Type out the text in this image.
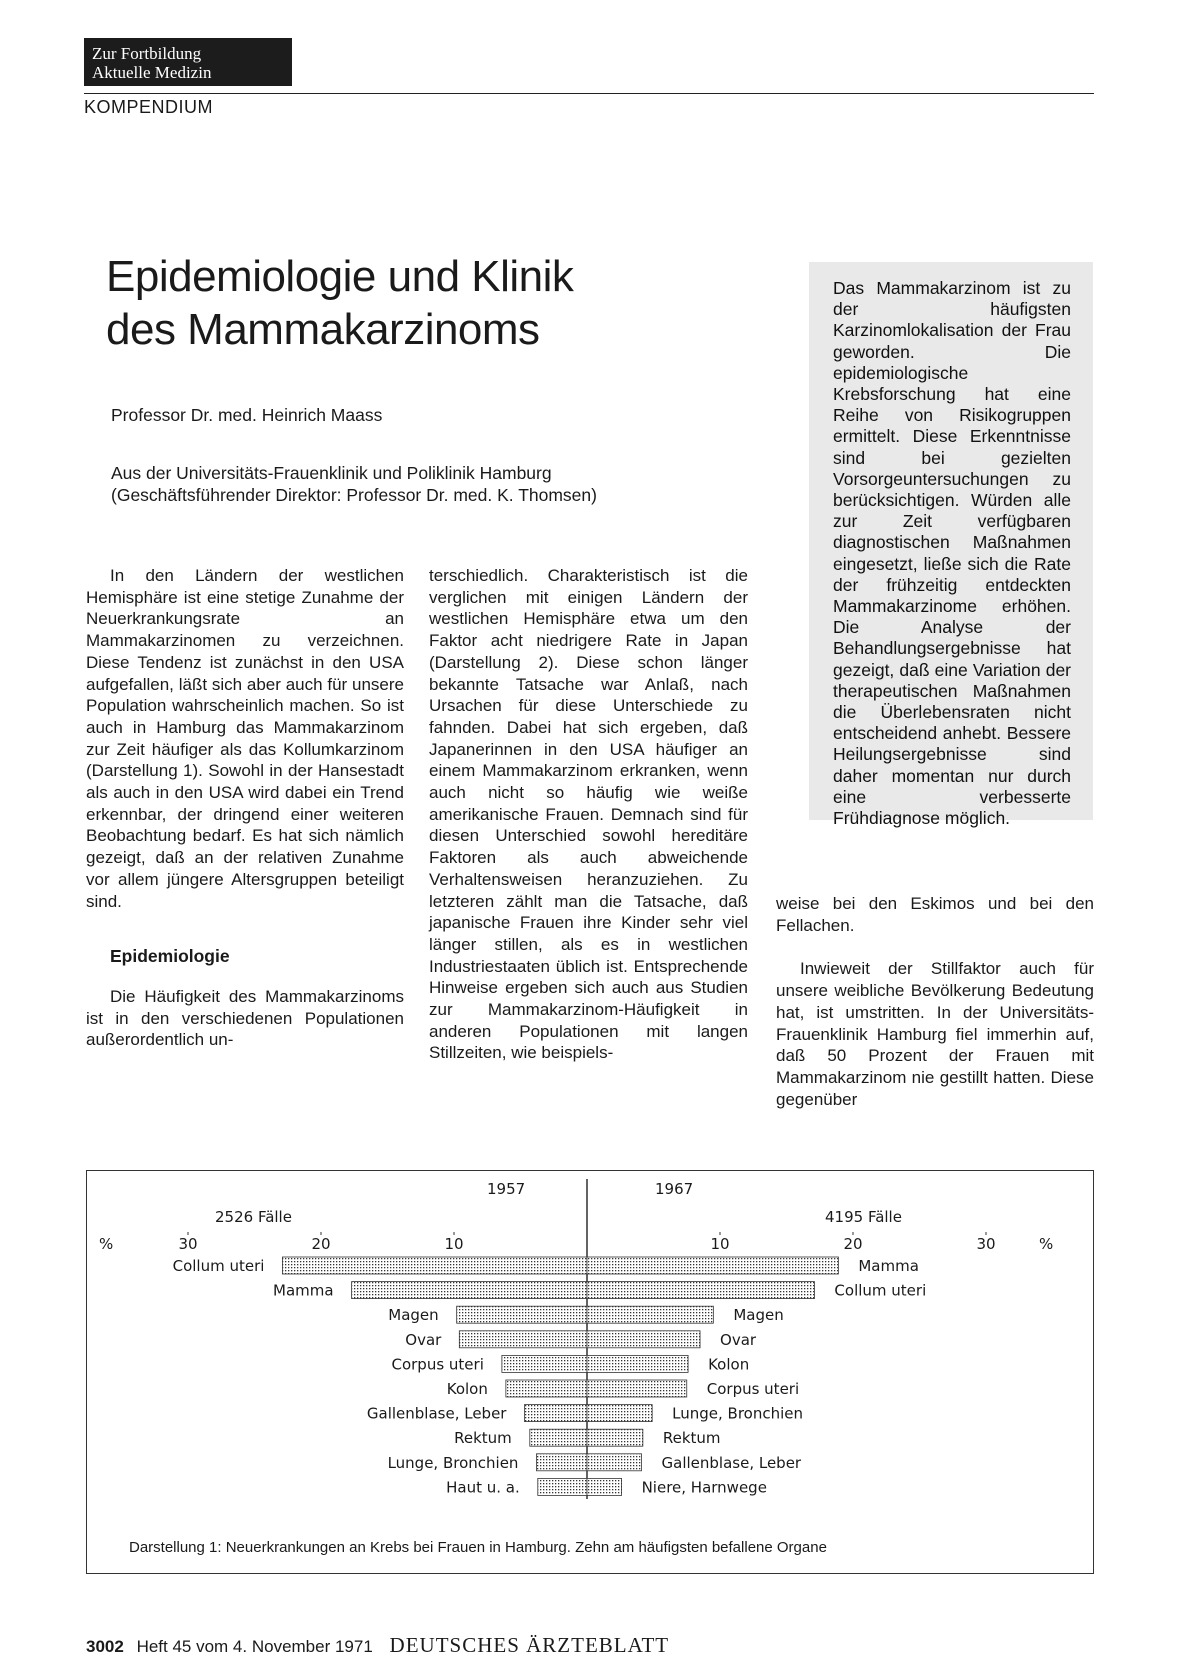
Zur Fortbildung
Aktuelle Medizin
KOMPENDIUM
Epidemiologie und Klinik
des Mammakarzinoms
Professor Dr. med. Heinrich Maass
Aus der Universitäts-Frauenklinik und Poliklinik Hamburg
(Geschäftsführender Direktor: Professor Dr. med. K. Thomsen)
Das Mammakarzinom ist zu der häufigsten Karzinomlokalisation der Frau geworden. Die epidemiologische Krebsforschung hat eine Reihe von Risikogruppen ermittelt. Diese Erkenntnisse sind bei gezielten Vorsorgeuntersuchungen zu berücksichtigen. Würden alle zur Zeit verfügbaren diagnostischen Maßnahmen eingesetzt, ließe sich die Rate der frühzeitig entdeckten Mammakarzinome erhöhen. Die Analyse der Behandlungsergebnisse hat gezeigt, daß eine Variation der therapeutischen Maßnahmen die Überlebensraten nicht entscheidend anhebt. Bessere Heilungsergebnisse sind daher momentan nur durch eine verbesserte Frühdiagnose möglich.

In den Ländern der westlichen Hemisphäre ist eine stetige Zunahme der Neuerkrankungsrate an Mammakarzinomen zu verzeichnen. Diese Tendenz ist zunächst in den USA aufgefallen, läßt sich aber auch für unsere Population wahrscheinlich machen. So ist auch in Hamburg das Mammakarzinom zur Zeit häufiger als das Kollumkarzinom (Darstellung 1). Sowohl in der Hansestadt als auch in den USA wird dabei ein Trend erkennbar, der dringend einer weiteren Beobachtung bedarf. Es hat sich nämlich gezeigt, daß an der relativen Zunahme vor allem jüngere Altersgruppen beteiligt sind.

Epidemiologie

Die Häufigkeit des Mammakarzinoms ist in den verschiedenen Populationen außerordentlich un-

terschiedlich. Charakteristisch ist die verglichen mit einigen Ländern der westlichen Hemisphäre etwa um den Faktor acht niedrigere Rate in Japan (Darstellung 2). Diese schon länger bekannte Tatsache war Anlaß, nach Ursachen für diese Unterschiede zu fahnden. Dabei hat sich ergeben, daß Japanerinnen in den USA häufiger an einem Mammakarzinom erkranken, wenn auch nicht so häufig wie weiße amerikanische Frauen. Demnach sind für diesen Unterschied sowohl hereditäre Faktoren als auch abweichende Verhaltensweisen heranzuziehen. Zu letzteren zählt man die Tatsache, daß japanische Frauen ihre Kinder sehr viel länger stillen, als es in westlichen Industriestaaten üblich ist. Entsprechende Hinweise ergeben sich auch aus Studien zur Mammakarzinom-Häufigkeit in anderen Populationen mit langen Stillzeiten, wie beispiels-

weise bei den Eskimos und bei den Fellachen.

Inwieweit der Stillfaktor auch für unsere weibliche Bevölkerung Bedeutung hat, ist umstritten. In der Universitäts-Frauenklinik Hamburg fiel immerhin auf, daß 50 Prozent der Frauen mit Mammakarzinom nie gestillt hatten. Diese gegenüber

1957	1967
2526 Fälle	4195 Fälle
%	%
30	20	10	10	20	30
Collum uteri
Mamma
Magen
Ovar
Corpus uteri
Kolon
Gallenblase, Leber
Rektum
Lunge, Bronchien
Haut u. a.
Mamma
Collum uteri
Magen
Ovar
Kolon
Corpus uteri
Lunge, Bronchien
Rektum
Gallenblase, Leber
Niere, Harnwege
Darstellung 1: Neuerkrankungen an Krebs bei Frauen in Hamburg. Zehn am häufigsten befallene Organe
3002 Heft 45 vom 4. November 1971 DEUTSCHES ÄRZTEBLATT
